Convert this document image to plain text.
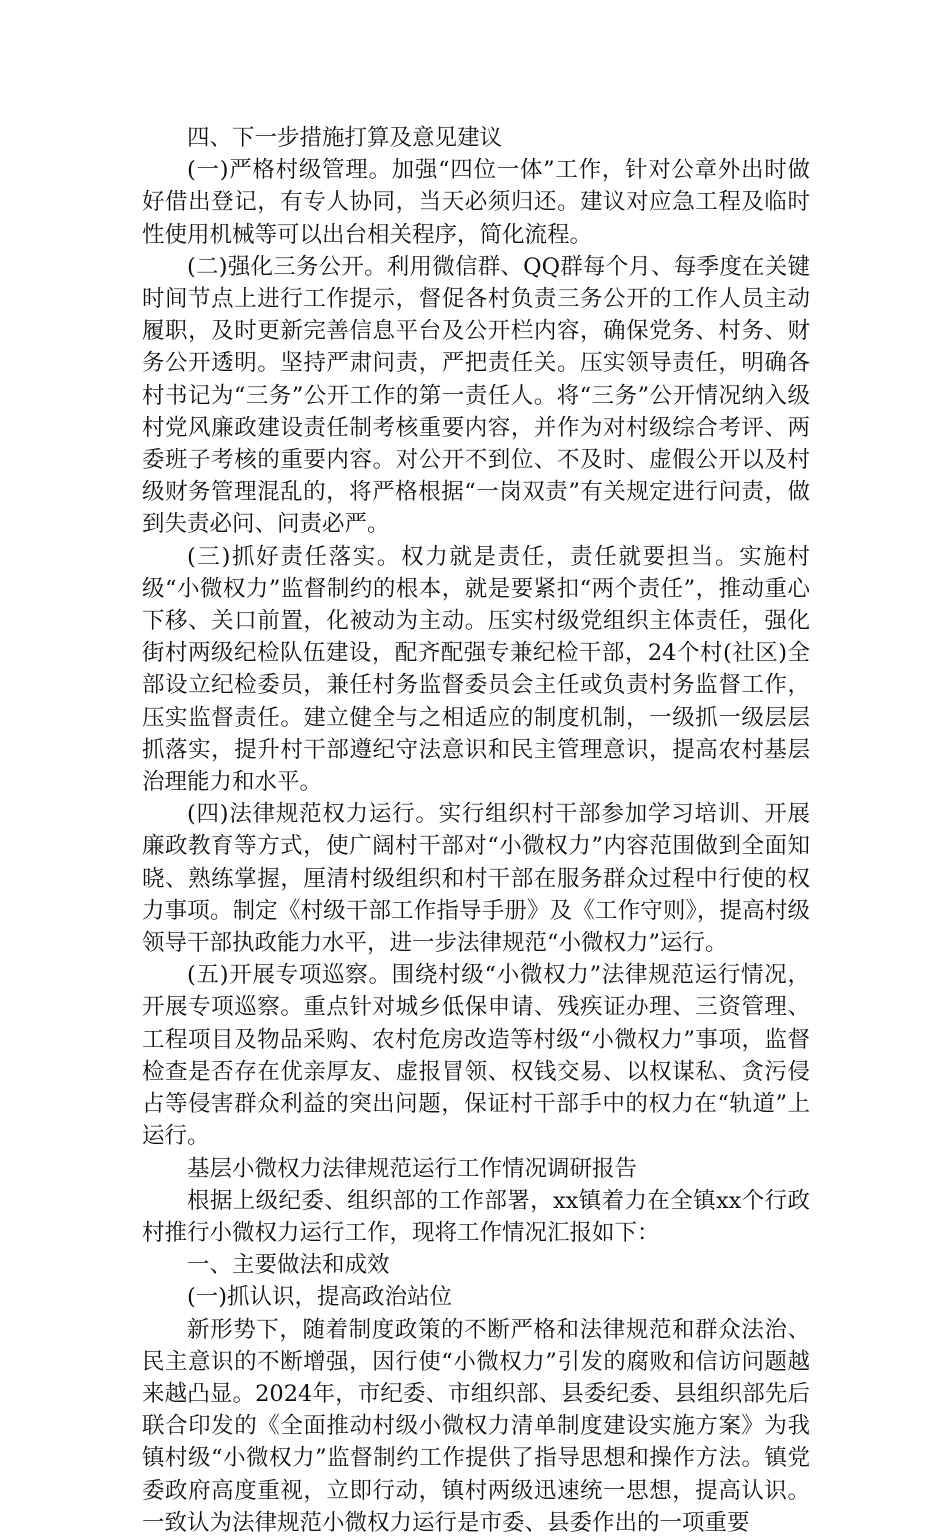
四、下一步措施打算及意见建议

(一)严格村级管理。加强“四位一体”工作，针对公章外出时做好借出登记，有专人协同，当天必须归还。建议对应急工程及临时性使用机械等可以出台相关程序，简化流程。

(二)强化三务公开。利用微信群、QQ群每个月、每季度在关键时间节点上进行工作提示，督促各村负责三务公开的工作人员主动履职，及时更新完善信息平台及公开栏内容，确保党务、村务、财务公开透明。坚持严肃问责，严把责任关。压实领导责任，明确各村书记为“三务”公开工作的第一责任人。将“三务”公开情况纳入级村党风廉政建设责任制考核重要内容，并作为对村级综合考评、两委班子考核的重要内容。对公开不到位、不及时、虚假公开以及村级财务管理混乱的，将严格根据“一岗双责”有关规定进行问责，做到失责必问、问责必严。

(三)抓好责任落实。权力就是责任，责任就要担当。实施村级“小微权力”监督制约的根本，就是要紧扣“两个责任”，推动重心下移、关口前置，化被动为主动。压实村级党组织主体责任，强化街村两级纪检队伍建设，配齐配强专兼纪检干部，24个村(社区)全部设立纪检委员，兼任村务监督委员会主任或负责村务监督工作，压实监督责任。建立健全与之相适应的制度机制，一级抓一级层层抓落实，提升村干部遵纪守法意识和民主管理意识，提高农村基层治理能力和水平。

(四)法律规范权力运行。实行组织村干部参加学习培训、开展廉政教育等方式，使广阔村干部对“小微权力”内容范围做到全面知晓、熟练掌握，厘清村级组织和村干部在服务群众过程中行使的权力事项。制定《村级干部工作指导手册》及《工作守则》，提高村级领导干部执政能力水平，进一步法律规范“小微权力”运行。

(五)开展专项巡察。围绕村级“小微权力”法律规范运行情况，开展专项巡察。重点针对城乡低保申请、残疾证办理、三资管理、工程项目及物品采购、农村危房改造等村级“小微权力”事项，监督检查是否存在优亲厚友、虚报冒领、权钱交易、以权谋私、贪污侵占等侵害群众利益的突出问题，保证村干部手中的权力在“轨道”上运行。

基层小微权力法律规范运行工作情况调研报告

根据上级纪委、组织部的工作部署，xx镇着力在全镇xx个行政村推行小微权力运行工作，现将工作情况汇报如下：

一、主要做法和成效

(一)抓认识，提高政治站位

新形势下，随着制度政策的不断严格和法律规范和群众法治、民主意识的不断增强，因行使“小微权力”引发的腐败和信访问题越来越凸显。2024年，市纪委、市组织部、县委纪委、县组织部先后联合印发的《全面推动村级小微权力清单制度建设实施方案》为我镇村级“小微权力”监督制约工作提供了指导思想和操作方法。镇党委政府高度重视，立即行动，镇村两级迅速统一思想，提高认识。一致认为法律规范小微权力运行是市委、县委作出的一项重要
